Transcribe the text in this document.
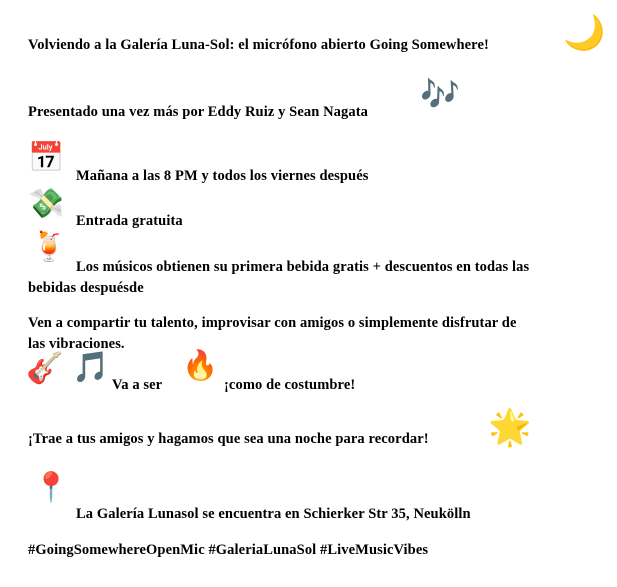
Volviendo a la Galería Luna-Sol: el micrófono abierto Going Somewhere!	🌙
Presentado una vez más por Eddy Ruiz y Sean Nagata	🎶
📅
Mañana a las 8 PM y todos los viernes después
💸
Entrada gratuita
🍹
Los músicos obtienen su primera bebida gratis + descuentos en todas las
bebidas despuésde
Ven a compartir tu talento, improvisar con amigos o simplemente disfrutar de
las vibraciones.
🎸 🎵 Va a ser
🔥
¡como de costumbre!
¡Trae a tus amigos y hagamos que sea una noche para recordar!	🌟
📍
La Galería Lunasol se encuentra en Schierker Str 35, Neukölln
#GoingSomewhereOpenMic #GaleriaLunaSol #LiveMusicVibes
